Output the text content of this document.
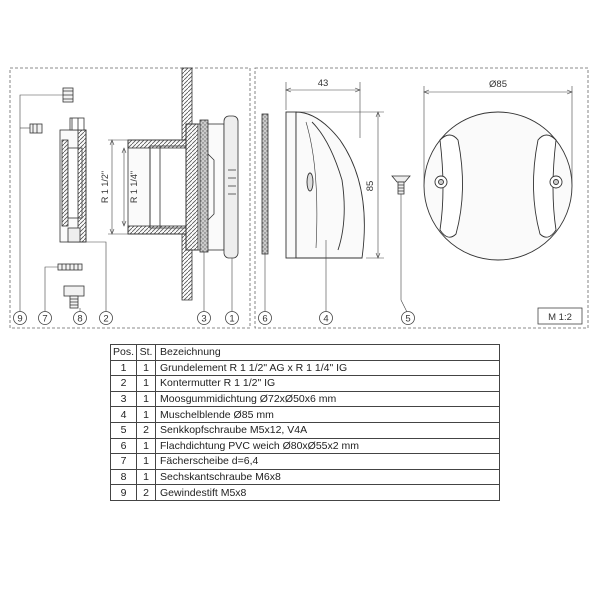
R 1 1/2" R 1 1/4"
43
85
Ø85
M 1:2
9 7	8 2	3 1	6	4	5
Pos.	St.	Bezeichnung
1	1	Grundelement R 1 1/2" AG x R 1 1/4" IG
2	1	Kontermutter R 1 1/2" IG
3	1	Moosgummidichtung Ø72xØ50x6 mm
4	1	Muschelblende Ø85 mm
5	2	Senkkopfschraube M5x12, V4A
6	1	Flachdichtung PVC weich Ø80xØ55x2 mm
7	1	Fächerscheibe d=6,4
8	1	Sechskantschraube M6x8
9	2	Gewindestift M5x8
